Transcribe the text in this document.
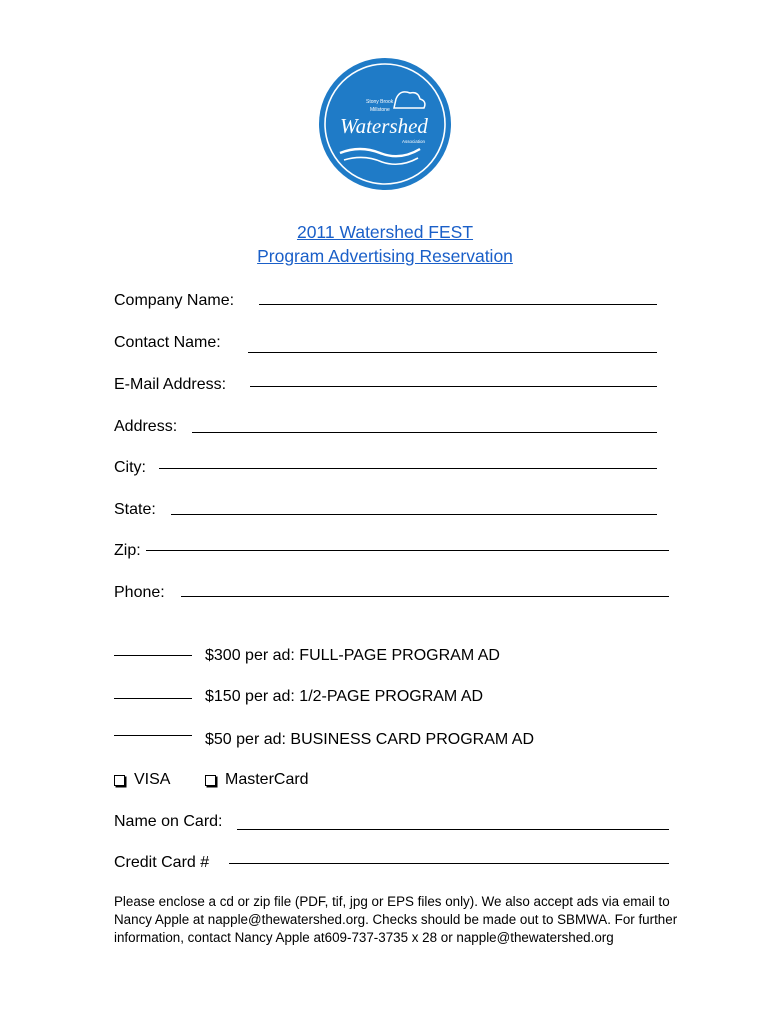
Stony Brook
Millstone
Watershed
Association
2011 Watershed FEST
Program Advertising Reservation
Company Name:
Contact Name:
E-Mail Address:
Address:
City:
State:
Zip:
Phone:
$300 per ad: FULL-PAGE PROGRAM AD
$150 per ad: 1/2-PAGE PROGRAM AD
$50 per ad: BUSINESS CARD PROGRAM AD
VISA	MasterCard
Name on Card:
Credit Card #
Please enclose a cd or zip file (PDF, tif, jpg or EPS files only). We also accept ads via email to
Nancy Apple at napple@thewatershed.org. Checks should be made out to SBMWA. For further
information, contact Nancy Apple at609-737-3735 x 28 or napple@thewatershed.org
